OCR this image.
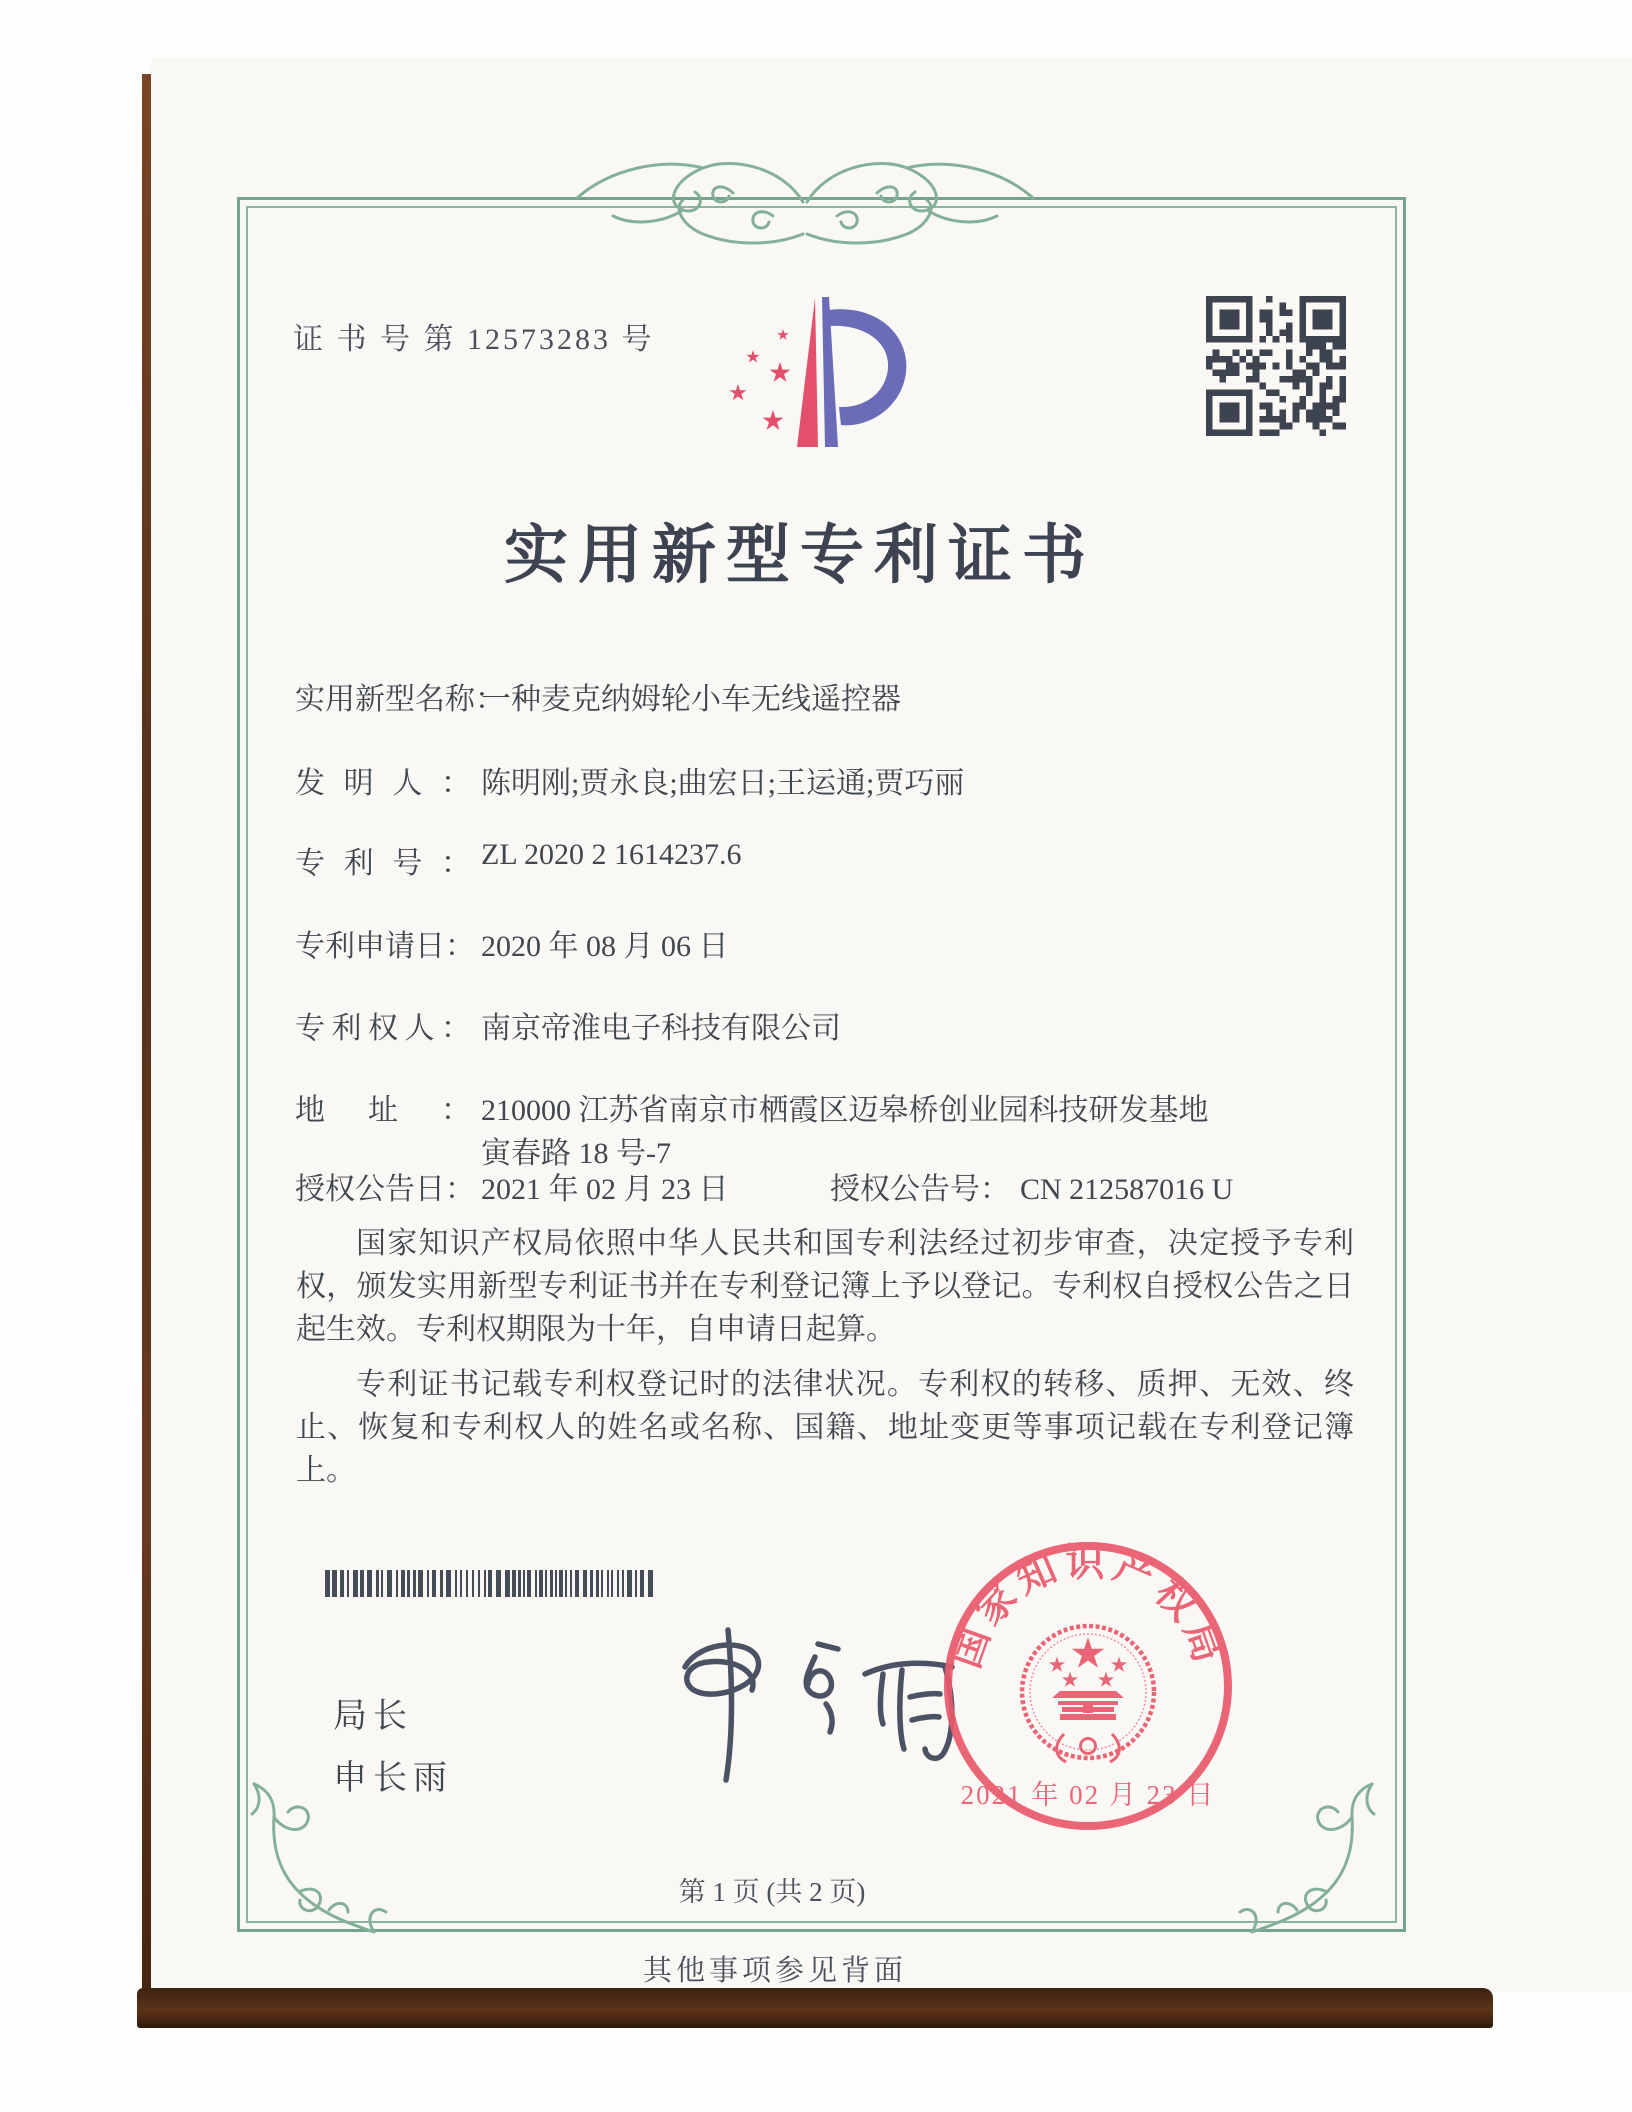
证 书 号 第 12573283 号
实用新型专利证书
实用新型名称：一种麦克纳姆轮小车无线遥控器
发明人： 陈明刚;贾永良;曲宏日;王运通;贾巧丽
专利号： ZL 2020 2 1614237.6
专利申请日： 2020 年 08 月 06 日
专利权人： 南京帝淮电子科技有限公司
地址： 210000 江苏省南京市栖霞区迈皋桥创业园科技研发基地
寅春路 18 号-7
授权公告日： 2021 年 02 月 23 日	授权公告号： CN 212587016 U

国家知识产权局依照中华人民共和国专利法经过初步审查，决定授予专利权，颁发实用新型专利证书并在专利登记簿上予以登记。专利权自授权公告之日起生效。专利权期限为十年，自申请日起算。

专利证书记载专利权登记时的法律状况。专利权的转移、质押、无效、终止、恢复和专利权人的姓名或名称、国籍、地址变更等事项记载在专利登记簿上。

局长
申长雨
国家知识产权局
2021 年 02 月 23 日
第 1 页 (共 2 页)
其他事项参见背面
